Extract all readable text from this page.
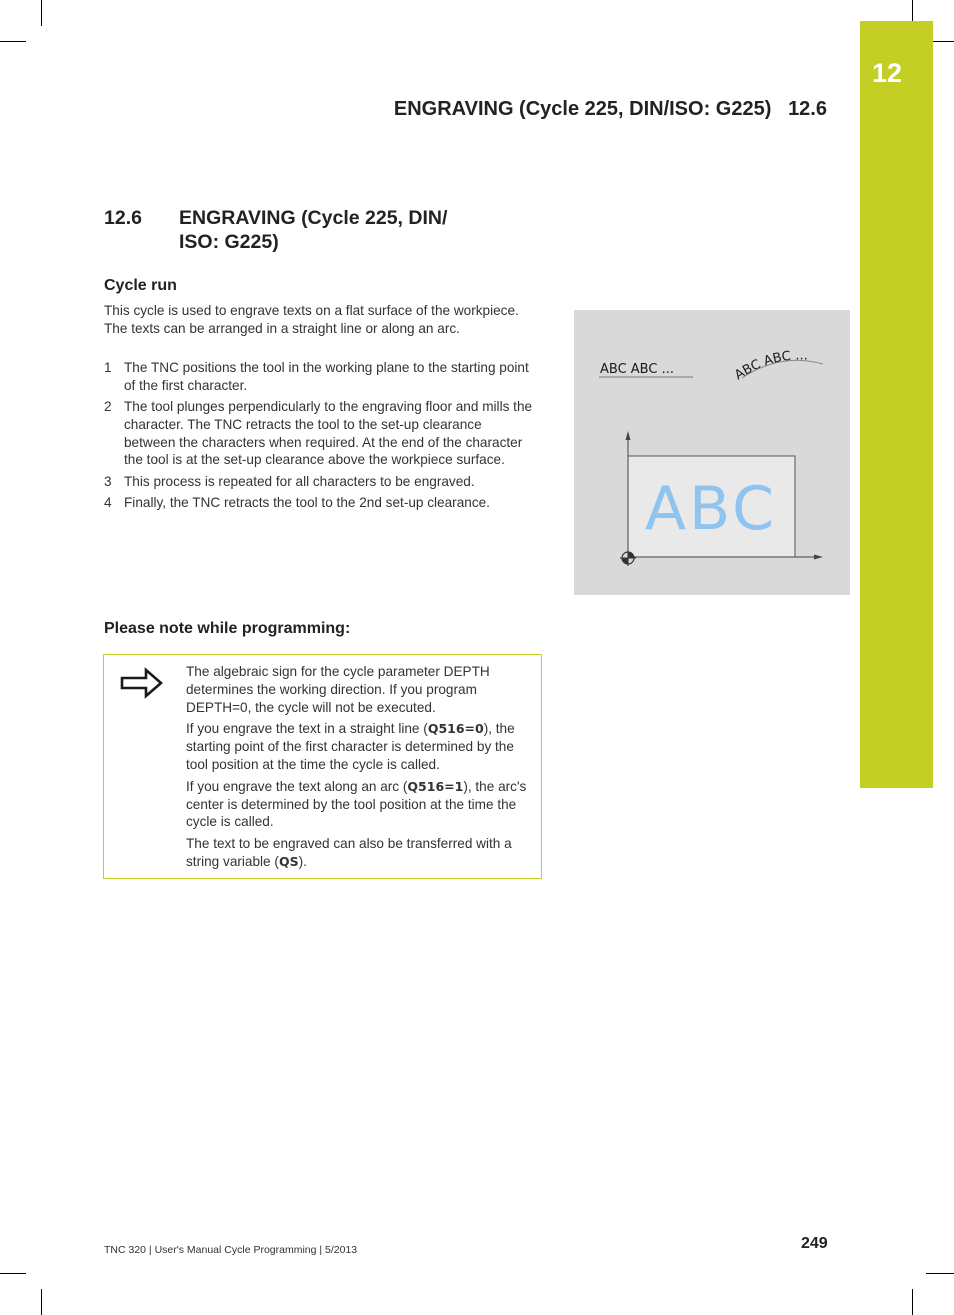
12
ENGRAVING (Cycle 225, DIN/ISO: G225) 12.6
12.6 ENGRAVING (Cycle 225, DIN/
ISO: G225)
Cycle run
This cycle is used to engrave texts on a flat surface of the workpiece. The texts can be arranged in a straight line or along an arc.
1 The TNC positions the tool in the working plane to the starting point of the first character.
2 The tool plunges perpendicularly to the engraving floor and mills the character. The TNC retracts the tool to the set-up clearance between the characters when required. At the end of the character the tool is at the set-up clearance above the workpiece surface.
3 This process is repeated for all characters to be engraved.
4 Finally, the TNC retracts the tool to the 2nd set-up clearance.
ABC ABC ...	ABC ABC ...
ABC
Please note while programming:

The algebraic sign for the cycle parameter DEPTH determines the working direction. If you program DEPTH=0, the cycle will not be executed.

If you engrave the text in a straight line (Q516=0), the starting point of the first character is determined by the tool position at the time the cycle is called.

If you engrave the text along an arc (Q516=1), the arc's center is determined by the tool position at the time the cycle is called.

The text to be engraved can also be transferred with a string variable (QS).

TNC 320 | User's Manual Cycle Programming | 5/2013	249
